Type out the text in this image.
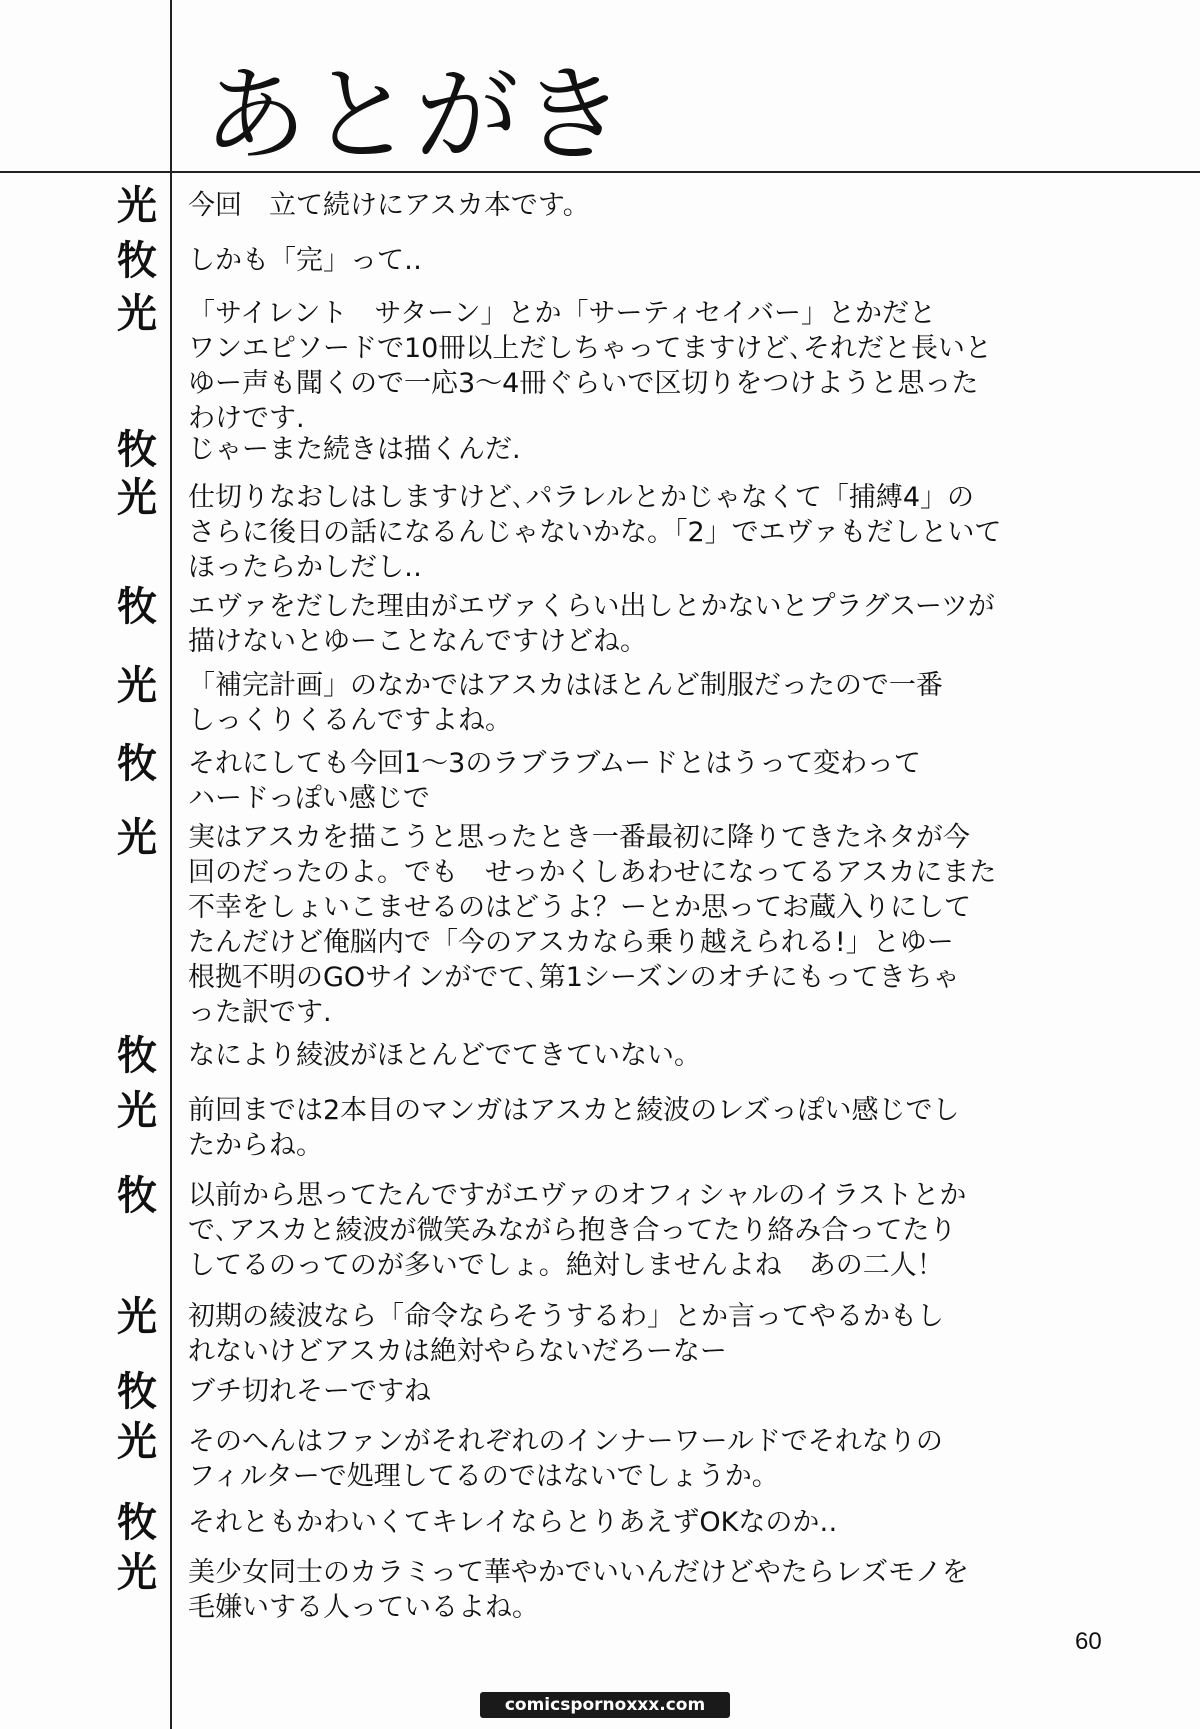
あとがき
光 今回　立て続けにアスカ本です。
牧 しかも「完」って‥
光 「サイレント　サターン」とか「サーティセイバー」とかだと
ワンエピソードで10冊以上だしちゃってますけど､それだと長いと
ゆー声も聞くので一応3～4冊ぐらいで区切りをつけようと思った
わけです.
牧 じゃーまた続きは描くんだ.
光 仕切りなおしはしますけど､パラレルとかじゃなくて「捕縛4」の
さらに後日の話になるんじゃないかな。「2」でエヴァもだしといて
ほったらかしだし‥
牧 エヴァをだした理由がエヴァくらい出しとかないとプラグスーツが
描けないとゆーことなんですけどね。
光 「補完計画」のなかではアスカはほとんど制服だったので一番
しっくりくるんですよね。
牧 それにしても今回1～3のラブラブムードとはうって変わって
ハードっぽい感じで
光 実はアスカを描こうと思ったとき一番最初に降りてきたネタが今
回のだったのよ。でも　せっかくしあわせになってるアスカにまた
不幸をしょいこませるのはどうよ？ーとか思ってお蔵入りにして
たんだけど俺脳内で「今のアスカなら乗り越えられる!」とゆー
根拠不明のGOサインがでて､第1シーズンのオチにもってきちゃ
った訳です.
牧 なにより綾波がほとんどでてきていない。
光 前回までは2本目のマンガはアスカと綾波のレズっぽい感じでし
たからね。
牧 以前から思ってたんですがエヴァのオフィシャルのイラストとか
で､アスカと綾波が微笑みながら抱き合ってたり絡み合ってたり
してるのってのが多いでしょ。絶対しませんよね　あの二人！
光 初期の綾波なら「命令ならそうするわ」とか言ってやるかもし
れないけどアスカは絶対やらないだろーなー
牧 ブチ切れそーですね
光 そのへんはファンがそれぞれのインナーワールドでそれなりの
フィルターで処理してるのではないでしょうか。
牧 それともかわいくてキレイならとりあえずOKなのか‥
光 美少女同士のカラミって華やかでいいんだけどやたらレズモノを
毛嫌いする人っているよね。
60
comicspornoxxx.com
